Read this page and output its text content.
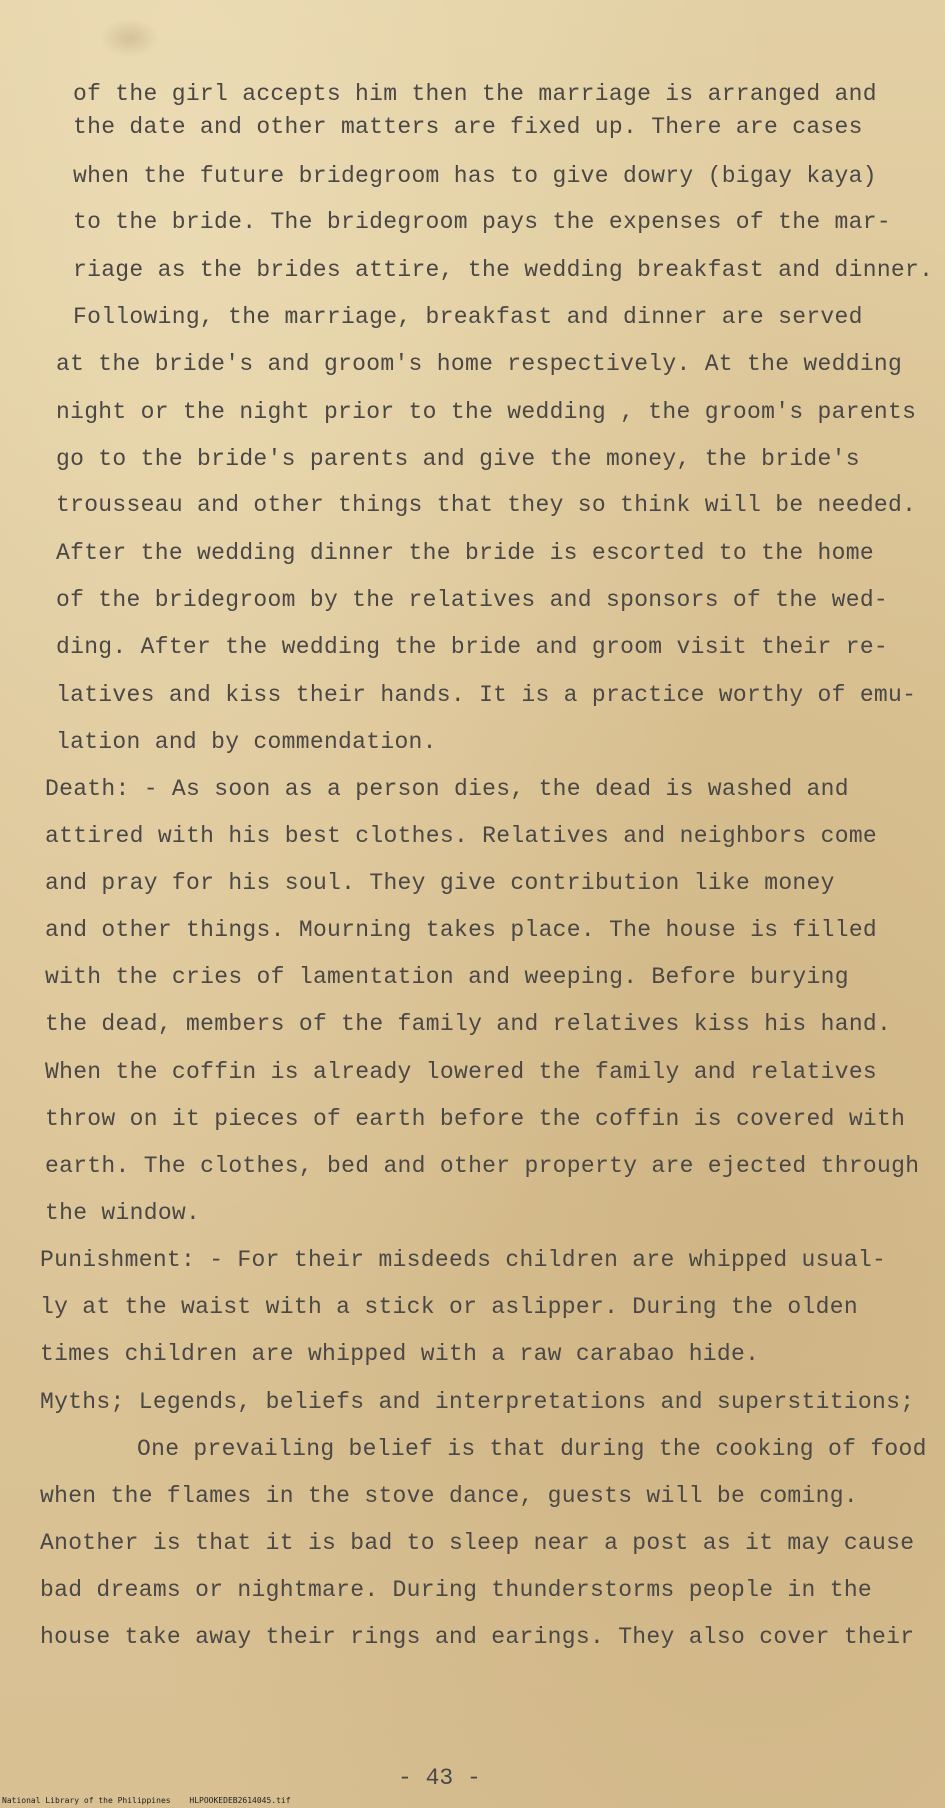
of the girl accepts him then the marriage is arranged and
the date and other matters are fixed up. There are cases
when the future bridegroom has to give dowry (bigay kaya)
to the bride. The bridegroom pays the expenses of the mar-
riage as the brides attire, the wedding breakfast and dinner.
Following, the marriage, breakfast and dinner are served
at the bride's and groom's home respectively. At the wedding
night or the night prior to the wedding , the groom's parents
go to the bride's parents and give the money, the bride's
trousseau and other things that they so think will be needed.
After the wedding dinner the bride is escorted to the home
of the bridegroom by the relatives and sponsors of the wed-
ding. After the wedding the bride and groom visit their re-
latives and kiss their hands. It is a practice worthy of emu-
lation and by commendation.
Death: - As soon as a person dies, the dead is washed and
attired with his best clothes. Relatives and neighbors come
and pray for his soul. They give contribution like money
and other things. Mourning takes place. The house is filled
with the cries of lamentation and weeping. Before burying
the dead, members of the family and relatives kiss his hand.
When the coffin is already lowered the family and relatives
throw on it pieces of earth before the coffin is covered with
earth. The clothes, bed and other property are ejected through
the window.
Punishment: - For their misdeeds children are whipped usual-
ly at the waist with a stick or aslipper. During the olden
times children are whipped with a raw carabao hide.
Myths; Legends, beliefs and interpretations and superstitions;
One prevailing belief is that during the cooking of food
when the flames in the stove dance, guests will be coming.
Another is that it is bad to sleep near a post as it may cause
bad dreams or nightmare. During thunderstorms people in the
house take away their rings and earings. They also cover their
- 43 -
National Library of the Philippines HLPOOKEDEB2614045.tif
